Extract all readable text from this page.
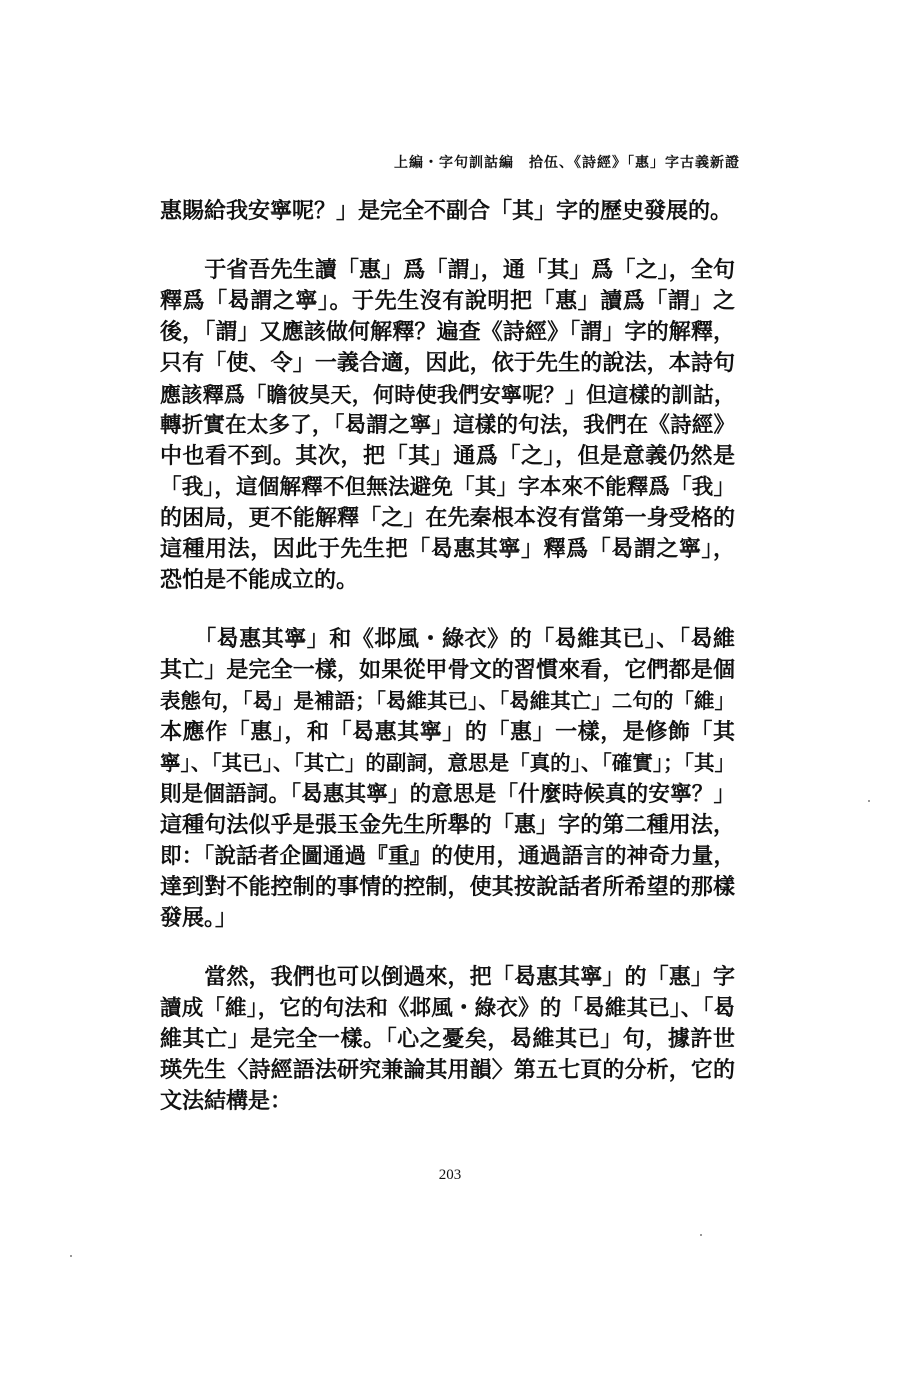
上編・字句訓詁編　拾伍、《詩經》「惠」字古義新證
惠賜給我安寧呢？」是完全不副合「其」字的歷史發展的。
　　于省吾先生讀「惠」爲「謂」，通「其」爲「之」，全句
釋爲「曷謂之寧」。于先生沒有說明把「惠」讀爲「謂」之
後，「謂」又應該做何解釋？遍查《詩經》「謂」字的解釋，
只有「使、令」一義合適，因此，依于先生的說法，本詩句
應該釋爲「瞻彼昊天，何時使我們安寧呢？」但這樣的訓詁，
轉折實在太多了，「曷謂之寧」這樣的句法，我們在《詩經》
中也看不到。其次，把「其」通爲「之」，但是意義仍然是
「我」，這個解釋不但無法避免「其」字本來不能釋爲「我」
的困局，更不能解釋「之」在先秦根本沒有當第一身受格的
這種用法，因此于先生把「曷惠其寧」釋爲「曷謂之寧」，
恐怕是不能成立的。
　　「曷惠其寧」和《邶風・綠衣》的「曷維其已」、「曷維
其亡」是完全一樣，如果從甲骨文的習慣來看，它們都是個
表態句，「曷」是補語；「曷維其已」、「曷維其亡」二句的「維」
本應作「惠」，和「曷惠其寧」的「惠」一樣，是修飾「其
寧」、「其已」、「其亡」的副詞，意思是「真的」、「確實」；「其」
則是個語詞。「曷惠其寧」的意思是「什麼時候真的安寧？」
這種句法似乎是張玉金先生所舉的「惠」字的第二種用法，
即：「說話者企圖通過『重』的使用，通過語言的神奇力量，
達到對不能控制的事情的控制，使其按說話者所希望的那樣
發展。」
　　當然，我們也可以倒過來，把「曷惠其寧」的「惠」字
讀成「維」，它的句法和《邶風・綠衣》的「曷維其已」、「曷
維其亡」是完全一樣。「心之憂矣，曷維其已」句，據許世
瑛先生〈詩經語法研究兼論其用韻〉第五七頁的分析，它的
文法結構是：
203
